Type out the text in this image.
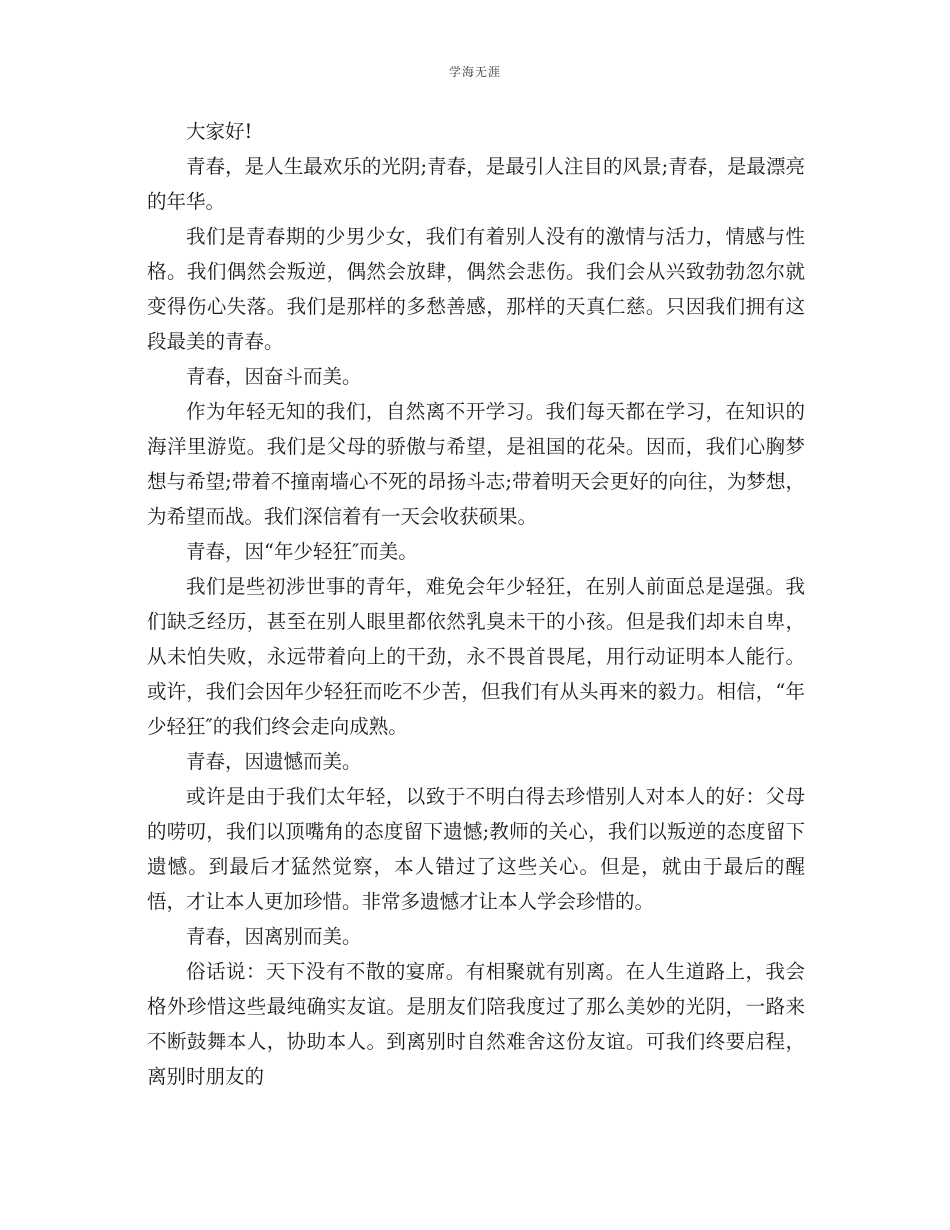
学海无涯

大家好!

青春，是人生最欢乐的光阴;青春，是最引人注目的风景;青春，是最漂亮的年华。

我们是青春期的少男少女，我们有着别人没有的激情与活力，情感与性格。我们偶然会叛逆，偶然会放肆，偶然会悲伤。我们会从兴致勃勃忽尔就变得伤心失落。我们是那样的多愁善感，那样的天真仁慈。只因我们拥有这段最美的青春。

青春，因奋斗而美。

作为年轻无知的我们，自然离不开学习。我们每天都在学习，在知识的海洋里游览。我们是父母的骄傲与希望，是祖国的花朵。因而，我们心胸梦想与希望;带着不撞南墙心不死的昂扬斗志;带着明天会更好的向往，为梦想，为希望而战。我们深信着有一天会收获硕果。

青春，因“年少轻狂″而美。

我们是些初涉世事的青年，难免会年少轻狂，在别人前面总是逞强。我们缺乏经历，甚至在别人眼里都依然乳臭未干的小孩。但是我们却未自卑，从未怕失败，永远带着向上的干劲，永不畏首畏尾，用行动证明本人能行。或许，我们会因年少轻狂而吃不少苦，但我们有从头再来的毅力。相信，“年少轻狂″的我们终会走向成熟。

青春，因遗憾而美。

或许是由于我们太年轻，以致于不明白得去珍惜别人对本人的好：父母的唠叨，我们以顶嘴角的态度留下遗憾;教师的关心，我们以叛逆的态度留下遗憾。到最后才猛然觉察，本人错过了这些关心。但是，就由于最后的醒悟，才让本人更加珍惜。非常多遗憾才让本人学会珍惜的。

青春，因离别而美。

俗话说：天下没有不散的宴席。有相聚就有别离。在人生道路上，我会格外珍惜这些最纯确实友谊。是朋友们陪我度过了那么美妙的光阴，一路来不断鼓舞本人，协助本人。到离别时自然难舍这份友谊。可我们终要启程，离别时朋友的
